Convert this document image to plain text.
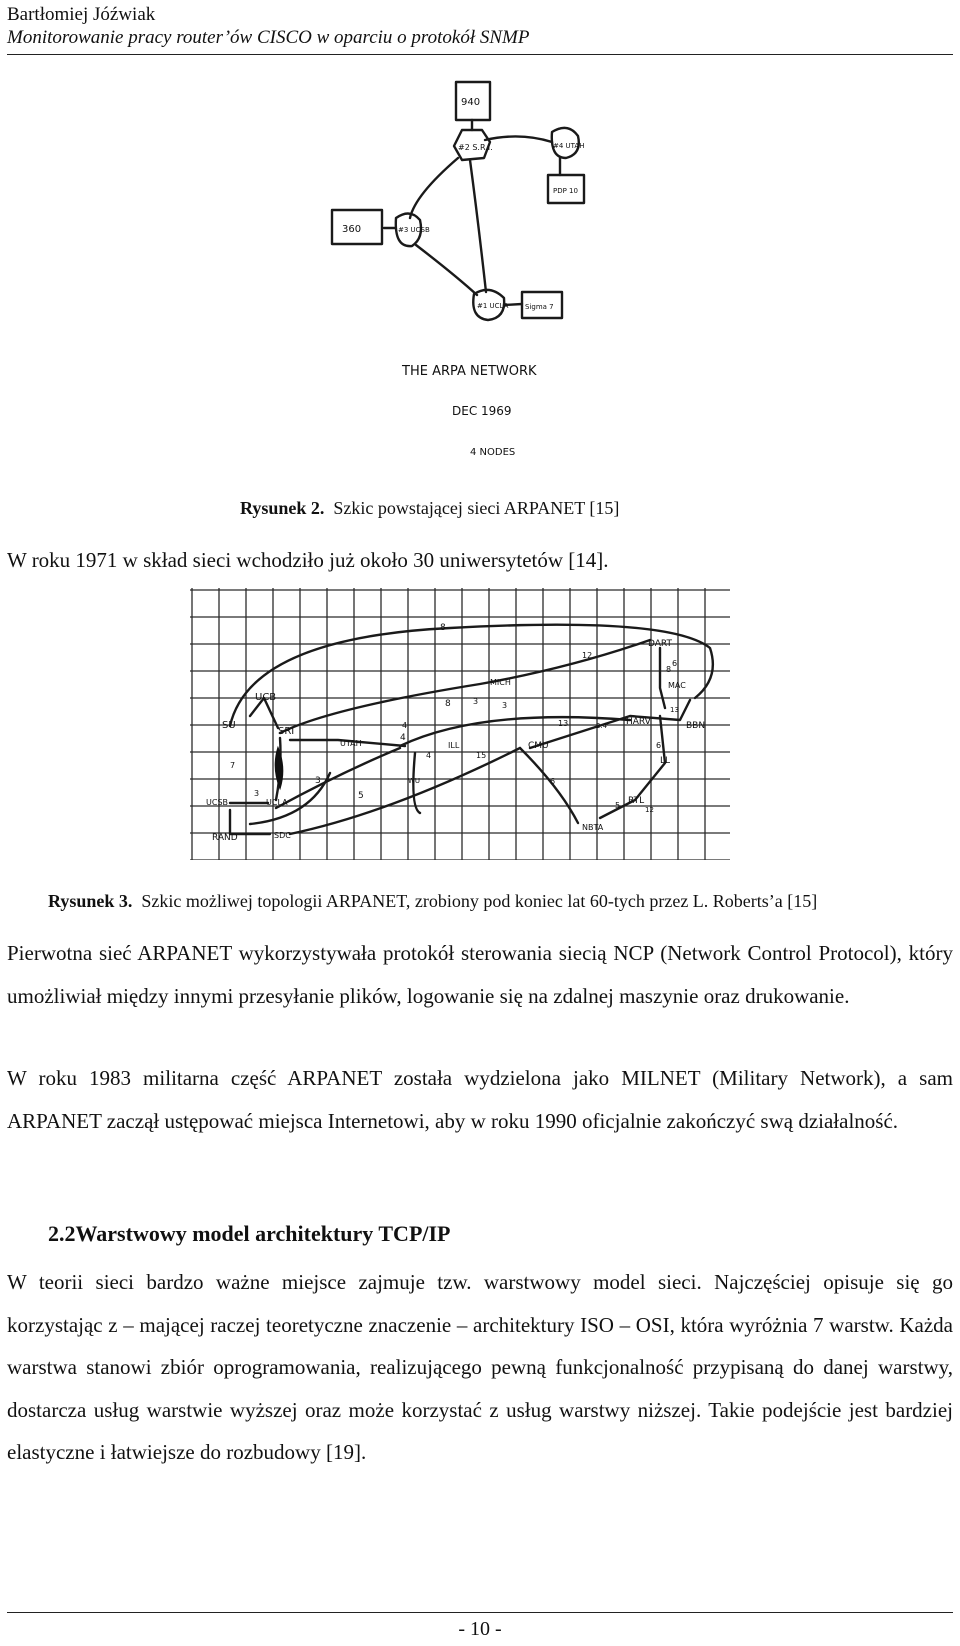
Bartłomiej Jóźwiak
Monitorowanie pracy router’ów CISCO w oparciu o protokół SNMP
940
#2 S.R.I.	#4 UTAH
PDP 10
360	#3 UCSB
#1 UCLA Sigma 7
THE ARPA NETWORK
DEC 1969
4 NODES
Rysunek 2. Szkic powstającej sieci ARPANET [15]
W roku 1971 w skład sieci wchodziło już około 30 uniwersytetów [14].
SU
UCB
SRI
UTAH	ILL
MICH
CMU
HARV	BBN
DART
MAC
LL
RTL
NBTA
UCSB	UCLA
RAND	SDC
WU
8
8
4
5
3
12
6
3
15
7
3
4
6
13
6
8
4	2.4
5
13
12
3
Rysunek 3. Szkic możliwej topologii ARPANET, zrobiony pod koniec lat 60-tych przez L. Roberts’a [15]
Pierwotna sieć ARPANET wykorzystywała protokół sterowania siecią NCP (Network Control Protocol), który umożliwiał między innymi przesyłanie plików, logowanie się na zdalnej maszynie oraz drukowanie.
W roku 1983 militarna część ARPANET została wydzielona jako MILNET (Military Network), a sam ARPANET zaczął ustępować miejsca Internetowi, aby w roku 1990 oficjalnie zakończyć swą działalność.
2.2Warstwowy model architektury TCP/IP
W teorii sieci bardzo ważne miejsce zajmuje tzw. warstwowy model sieci. Najczęściej opisuje się go korzystając z – mającej raczej teoretyczne znaczenie – architektury ISO – OSI, która wyróżnia 7 warstw. Każda warstwa stanowi zbiór oprogramowania, realizującego pewną funkcjonalność przypisaną do danej warstwy, dostarcza usług warstwie wyższej oraz może korzystać z usług warstwy niższej. Takie podejście jest bardziej elastyczne i łatwiejsze do rozbudowy [19].
- 10 -
